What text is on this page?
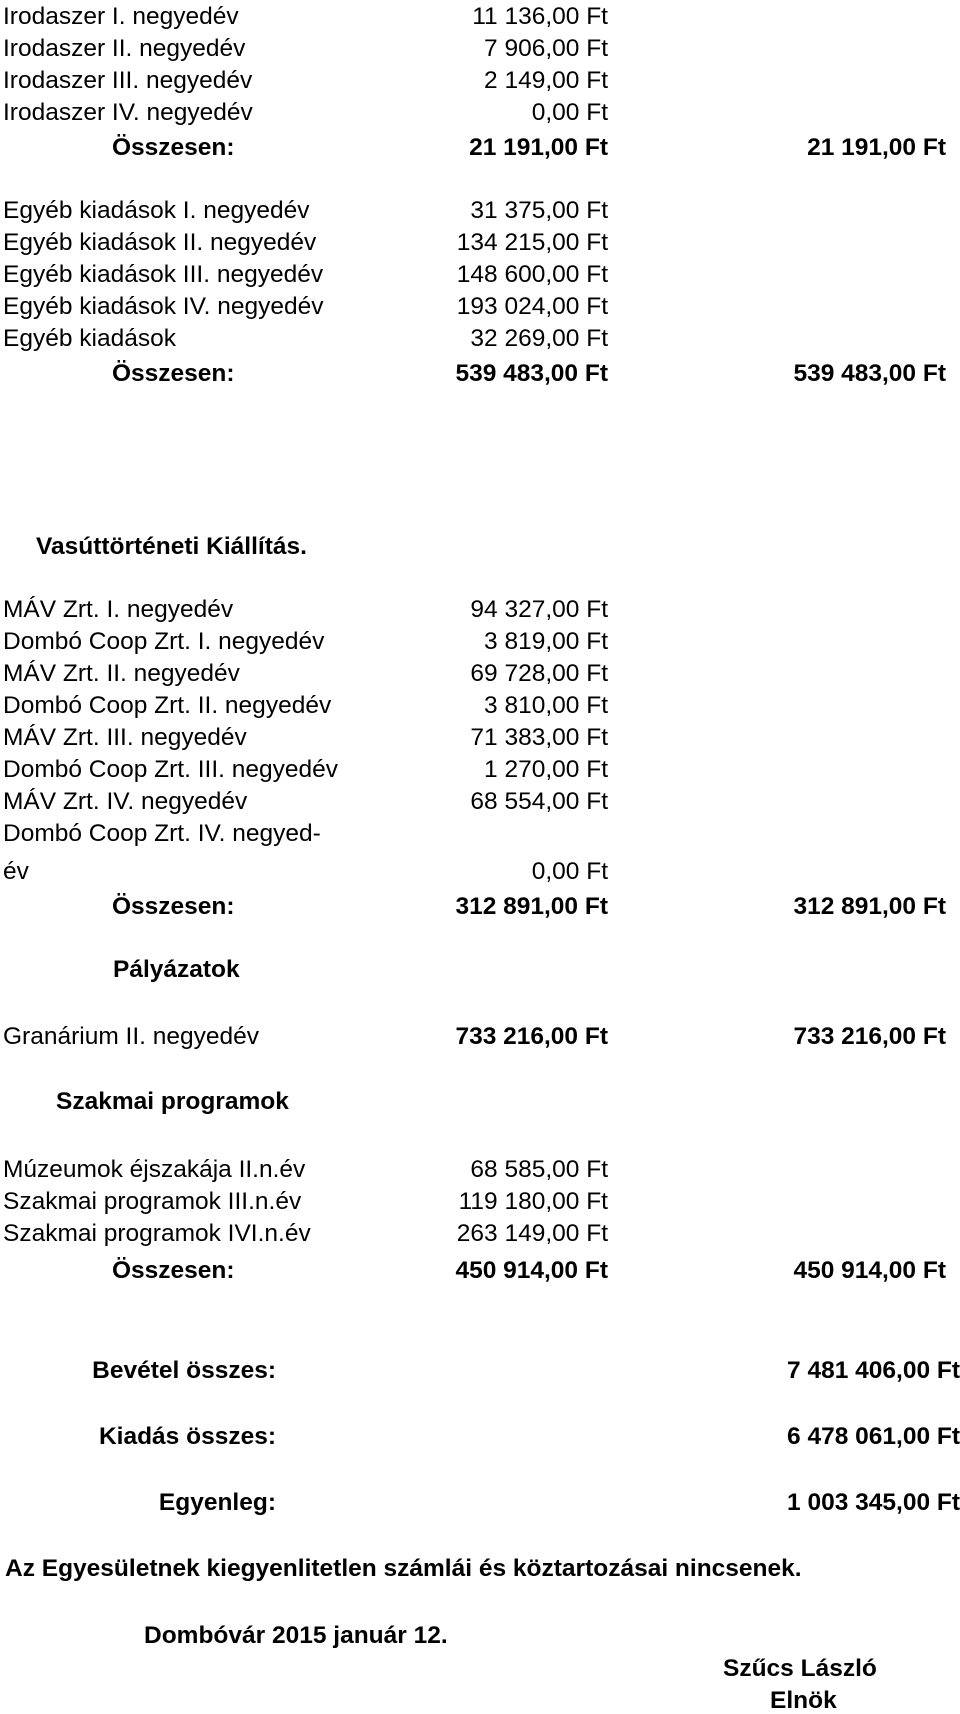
Irodaszer I. negyedév	11 136,00 Ft
Irodaszer II. negyedév	7 906,00 Ft
Irodaszer III. negyedév	2 149,00 Ft
Irodaszer IV. negyedév	0,00 Ft
Összesen:	21 191,00 Ft	21 191,00 Ft
Egyéb kiadások I. negyedév	31 375,00 Ft
Egyéb kiadások II. negyedév	134 215,00 Ft
Egyéb kiadások III. negyedév	148 600,00 Ft
Egyéb kiadások IV. negyedév	193 024,00 Ft
Egyéb kiadások	32 269,00 Ft
Összesen:	539 483,00 Ft	539 483,00 Ft
Vasúttörténeti Kiállítás.
MÁV Zrt. I. negyedév	94 327,00 Ft
Dombó Coop Zrt. I. negyedév	3 819,00 Ft
MÁV Zrt. II. negyedév	69 728,00 Ft
Dombó Coop Zrt. II. negyedév	3 810,00 Ft
MÁV Zrt. III. negyedév	71 383,00 Ft
Dombó Coop Zrt. III. negyedév	1 270,00 Ft
MÁV Zrt. IV. negyedév	68 554,00 Ft
Dombó Coop Zrt. IV. negyed-
év	0,00 Ft
Összesen:	312 891,00 Ft	312 891,00 Ft
Pályázatok
Granárium II. negyedév	733 216,00 Ft	733 216,00 Ft
Szakmai programok
Múzeumok éjszakája II.n.év	68 585,00 Ft
Szakmai programok III.n.év	119 180,00 Ft
Szakmai programok IVI.n.év	263 149,00 Ft
Összesen:	450 914,00 Ft	450 914,00 Ft
Bevétel összes:	7 481 406,00 Ft
Kiadás összes:	6 478 061,00 Ft
Egyenleg:	1 003 345,00 Ft
Az Egyesületnek kiegyenlitetlen számlái és köztartozásai nincsenek.
Dombóvár 2015 január 12.
Szűcs László
Elnök
